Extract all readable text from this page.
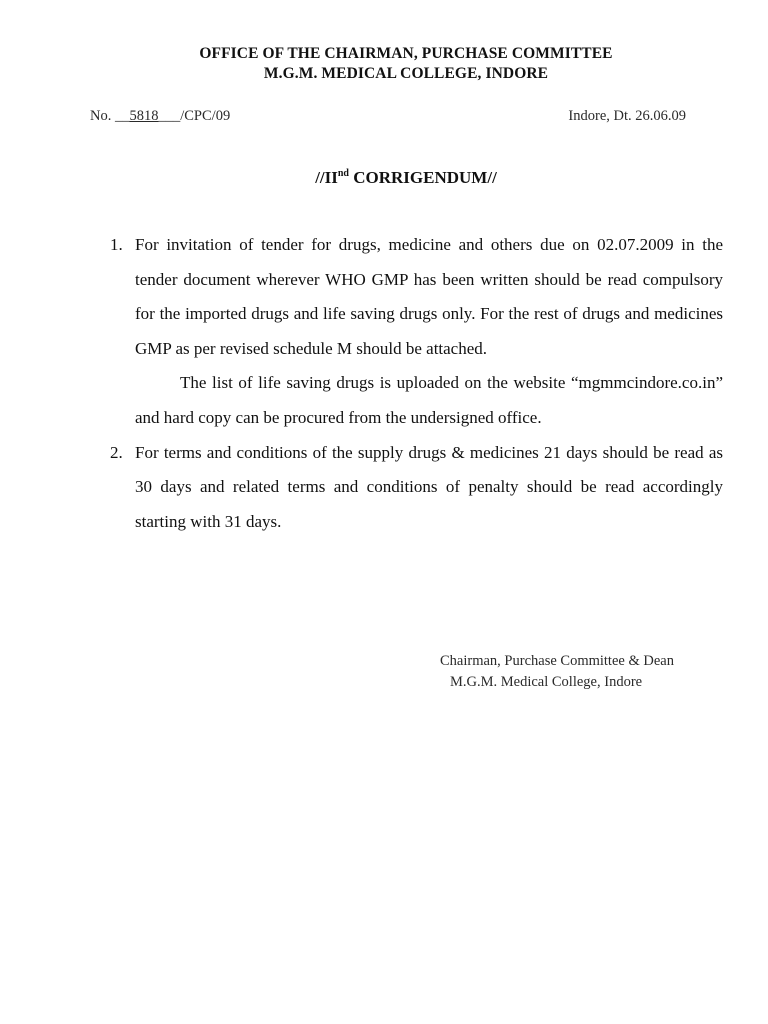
OFFICE OF THE CHAIRMAN, PURCHASE COMMITTEE
M.G.M. MEDICAL COLLEGE, INDORE
No. __5818___/CPC/09	Indore, Dt. 26.06.09
//IInd CORRIGENDUM//
1. For invitation of tender for drugs, medicine and others due on 02.07.2009 in the tender document wherever WHO GMP has been written should be read compulsory for the imported drugs and life saving drugs only. For the rest of drugs and medicines GMP as per revised schedule M should be attached.

The list of life saving drugs is uploaded on the website “mgmmcindore.co.in” and hard copy can be procured from the undersigned office.

2. For terms and conditions of the supply drugs & medicines 21 days should be read as 30 days and related terms and conditions of penalty should be read accordingly starting with 31 days.

Chairman, Purchase Committee & Dean
M.G.M. Medical College, Indore
